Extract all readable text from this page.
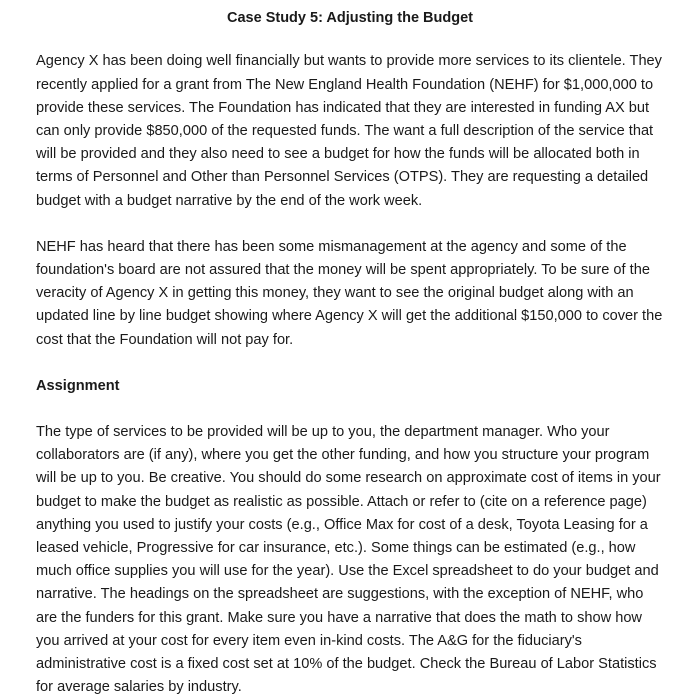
Case Study 5: Adjusting the Budget

Agency X has been doing well financially but wants to provide more services to its clientele. They recently applied for a grant from The New England Health Foundation (NEHF) for $1,000,000 to provide these services. The Foundation has indicated that they are interested in funding AX but can only provide $850,000 of the requested funds. The want a full description of the service that will be provided and they also need to see a budget for how the funds will be allocated both in terms of Personnel and Other than Personnel Services (OTPS). They are requesting a detailed budget with a budget narrative by the end of the work week.

NEHF has heard that there has been some mismanagement at the agency and some of the foundation's board are not assured that the money will be spent appropriately. To be sure of the veracity of Agency X in getting this money, they want to see the original budget along with an updated line by line budget showing where Agency X will get the additional $150,000 to cover the cost that the Foundation will not pay for.

Assignment

The type of services to be provided will be up to you, the department manager. Who your collaborators are (if any), where you get the other funding, and how you structure your program will be up to you. Be creative. You should do some research on approximate cost of items in your budget to make the budget as realistic as possible. Attach or refer to (cite on a reference page) anything you used to justify your costs (e.g., Office Max for cost of a desk, Toyota Leasing for a leased vehicle, Progressive for car insurance, etc.). Some things can be estimated (e.g., how much office supplies you will use for the year). Use the Excel spreadsheet to do your budget and narrative. The headings on the spreadsheet are suggestions, with the exception of NEHF, who are the funders for this grant. Make sure you have a narrative that does the math to show how you arrived at your cost for every item even in-kind costs. The A&G for the fiduciary's administrative cost is a fixed cost set at 10% of the budget. Check the Bureau of Labor Statistics for average salaries by industry.
